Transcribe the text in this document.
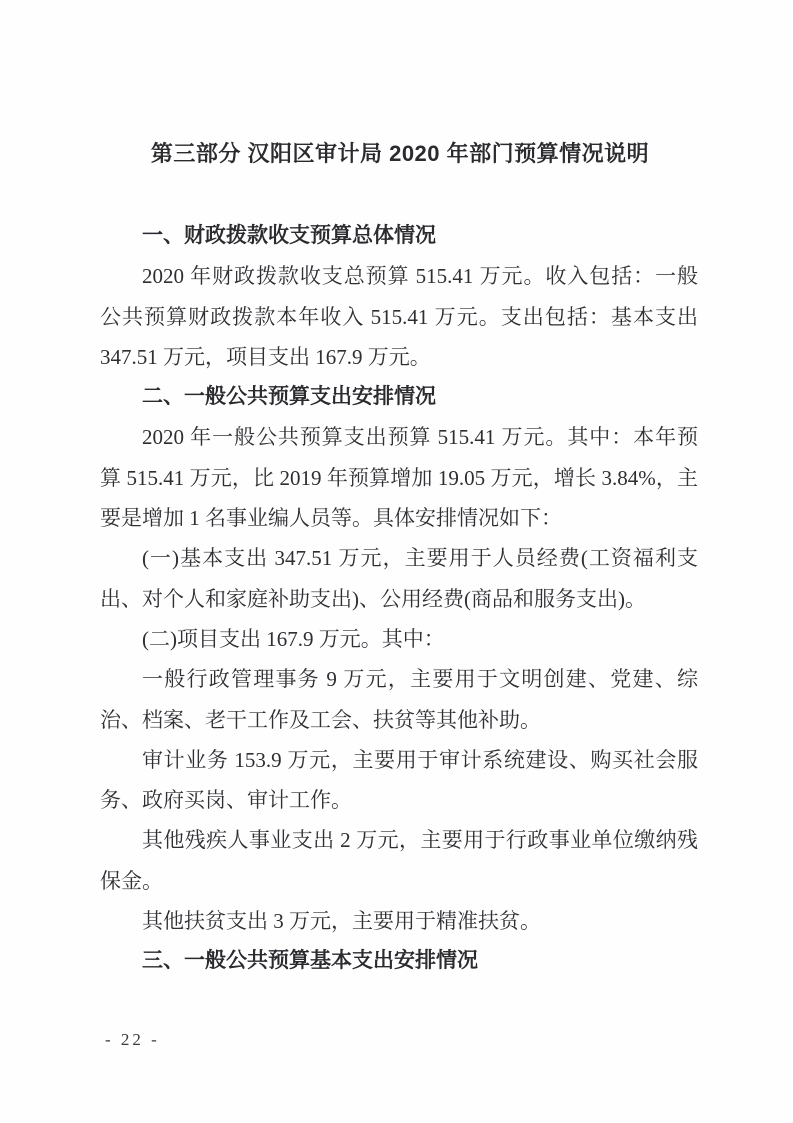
第三部分 汉阳区审计局 2020 年部门预算情况说明
一、财政拨款收支预算总体情况

2020 年财政拨款收支总预算 515.41 万元。收入包括：一般公共预算财政拨款本年收入 515.41 万元。支出包括：基本支出 347.51 万元，项目支出 167.9 万元。

二、一般公共预算支出安排情况

2020 年一般公共预算支出预算 515.41 万元。其中：本年预算 515.41 万元，比 2019 年预算增加 19.05 万元，增长 3.84%，主要是增加 1 名事业编人员等。具体安排情况如下：

(一)基本支出 347.51 万元，主要用于人员经费(工资福利支出、对个人和家庭补助支出)、公用经费(商品和服务支出)。

(二)项目支出 167.9 万元。其中：

一般行政管理事务 9 万元，主要用于文明创建、党建、综治、档案、老干工作及工会、扶贫等其他补助。

审计业务 153.9 万元，主要用于审计系统建设、购买社会服务、政府买岗、审计工作。

其他残疾人事业支出 2 万元，主要用于行政事业单位缴纳残保金。

其他扶贫支出 3 万元，主要用于精准扶贫。

三、一般公共预算基本支出安排情况
- 22 -
